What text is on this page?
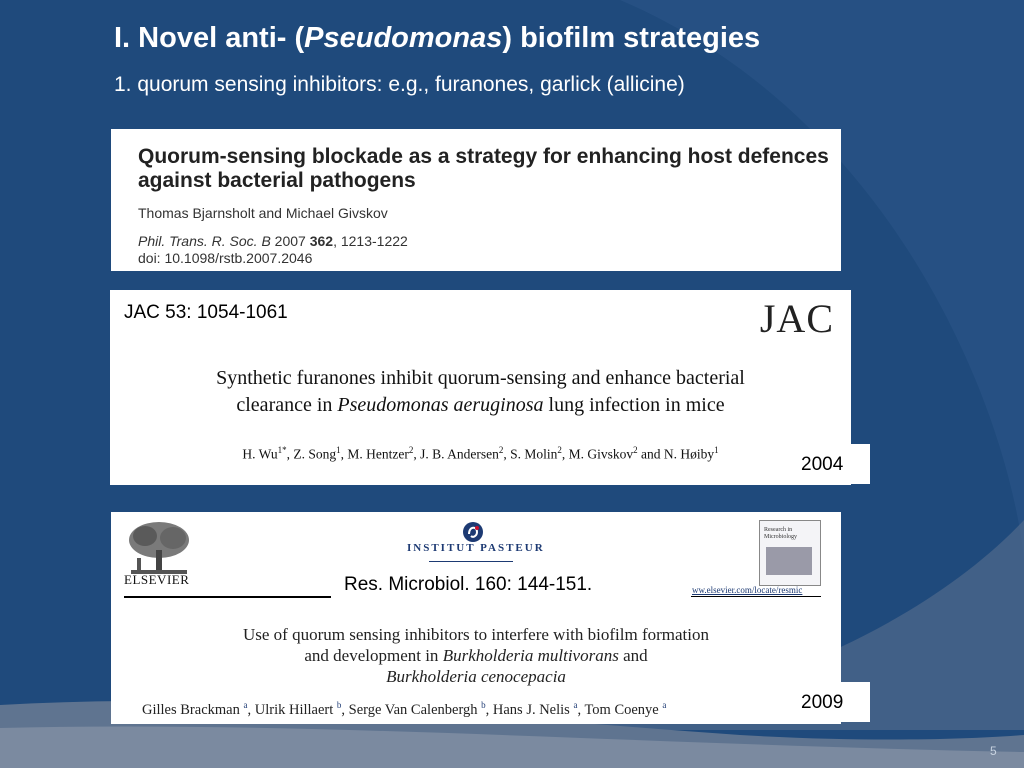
I. Novel anti- (Pseudomonas) biofilm strategies
1. quorum sensing inhibitors: e.g., furanones, garlick (allicine)
Quorum-sensing blockade as a strategy for enhancing host defences against bacterial pathogens
Thomas Bjarnsholt and Michael Givskov
Phil. Trans. R. Soc. B 2007 362, 1213-1222
doi: 10.1098/rstb.2007.2046
JAC 53: 1054-1061	JAC
Synthetic furanones inhibit quorum-sensing and enhance bacterial
clearance in Pseudomonas aeruginosa lung infection in mice
H. $Wu^{1*}$, Z. Song$^1$, M. Hentzer$^2$, J. B. Andersen$^2$, S. Molin$^2$, M. Givskov$^2$ and N. Høiby$^1$
2004
ELSEVIER
INSTITUT PASTEUR
Res. Microbiol. 160: 144-151.
Research in Microbiology
ww.elsevier.com/locate/resmic
Use of quorum sensing inhibitors to interfere with biofilm formation
and development in Burkholderia multivorans and
Burkholderia cenocepacia
Gilles Brackman $^a$, Ulrik Hillaert $^b$, Serge Van Calenbergh $^b$, Hans J. Nelis $^a$, Tom Coenye $^a$	2009
5
